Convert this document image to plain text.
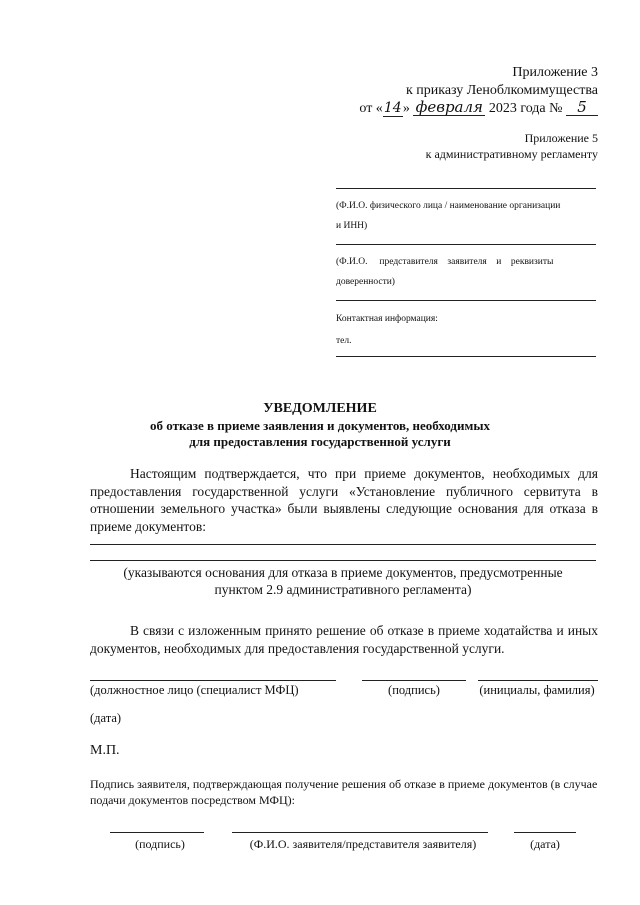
Приложение 3
к приказу Леноблкомимущества
от «14» февраля 2023 года № 5
Приложение 5
к административному регламенту
(Ф.И.О. физического лица / наименование организации
и ИНН)
(Ф.И.О.     представителя    заявителя    и    реквизиты
доверенности)
Контактная информация:
тел.
УВЕДОМЛЕНИЕ
об отказе в приеме заявления и документов, необходимых
для предоставления государственной услуги
Настоящим подтверждается, что при приеме документов, необходимых для предоставления государственной услуги «Установление публичного сервитута в отношении земельного участка» были выявлены следующие основания для отказа в приеме документов:
(указываются основания для отказа в приеме документов, предусмотренные
пунктом 2.9 административного регламента)
В связи с изложенным принято решение об отказе в приеме ходатайства и иных документов, необходимых для предоставления государственной услуги.
(должностное лицо (специалист МФЦ)	(подпись)	(инициалы, фамилия)
(дата)
М.П.
Подпись заявителя, подтверждающая получение решения об отказе в приеме документов (в случае подачи документов посредством МФЦ):
(подпись)	(Ф.И.О. заявителя/представителя заявителя)	(дата)
